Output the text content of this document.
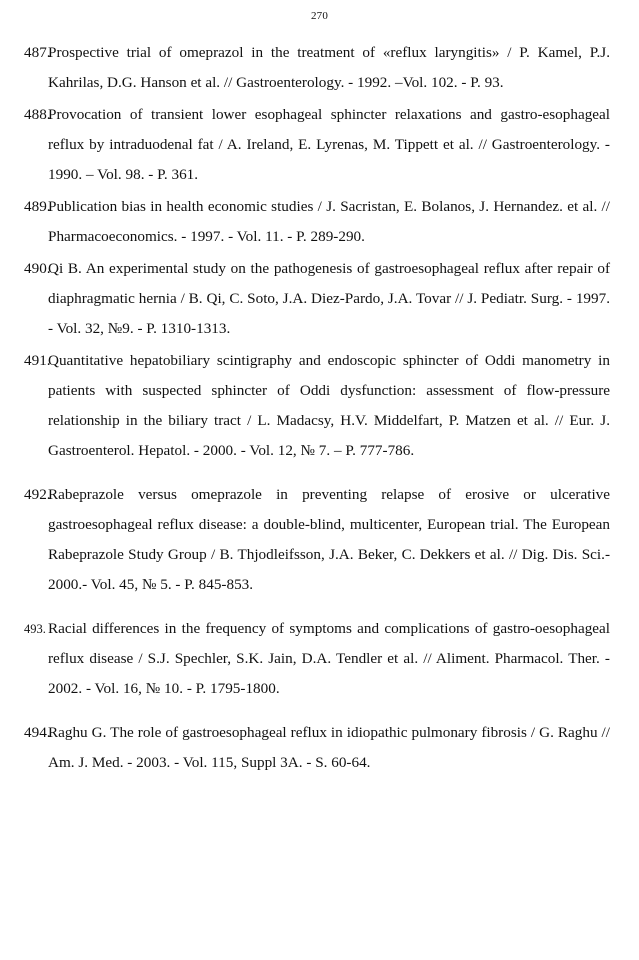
270
487.Prospective trial of omeprazol in the treatment of «reflux laryngitis» / P. Kamel, P.J. Kahrilas, D.G. Hanson et al. // Gastroenterology. - 1992. –Vol. 102. - P. 93.
488.Provocation of transient lower esophageal sphincter relaxations and gastro-esophageal reflux by intraduodenal fat / A. Ireland, E. Lyrenas, M. Tippett et al. // Gastroenterology. - 1990. – Vol. 98. - P. 361.
489.Publication bias in health economic studies / J. Sacristan, E. Bolanos, J. Hernandez. et al. // Pharmacoeconomics. - 1997. - Vol. 11. - P. 289-290.
490.Qi B. An experimental study on the pathogenesis of gastroesophageal reflux after repair of diaphragmatic hernia / B. Qi, C. Soto, J.A. Diez-Pardo, J.A. Tovar // J. Pediatr. Surg. - 1997. - Vol. 32, №9. - P. 1310-1313.
491.Quantitative hepatobiliary scintigraphy and endoscopic sphincter of Oddi manometry in patients with suspected sphincter of Oddi dysfunction: assessment of flow-pressure relationship in the biliary tract / L. Madacsy, H.V. Middelfart, P. Matzen et al. // Eur. J. Gastroenterol. Hepatol. - 2000. - Vol. 12, № 7. – P. 777-786.
492.Rabeprazole versus omeprazole in preventing relapse of erosive or ulcerative gastroesophageal reflux disease: a double-blind, multicenter, European trial. The European Rabeprazole Study Group / B. Thjodleifsson, J.A. Beker, C. Dekkers et al. // Dig. Dis. Sci.- 2000.- Vol. 45, № 5. - P. 845-853.
493. Racial differences in the frequency of symptoms and complications of gastro-oesophageal reflux disease / S.J. Spechler, S.K. Jain, D.A. Tendler et al. // Aliment. Pharmacol. Ther. - 2002. - Vol. 16, № 10. - P. 1795-1800.
494.Raghu G. The role of gastroesophageal reflux in idiopathic pulmonary fibrosis / G. Raghu // Am. J. Med. - 2003. - Vol. 115, Suppl 3A. - S. 60-64.
